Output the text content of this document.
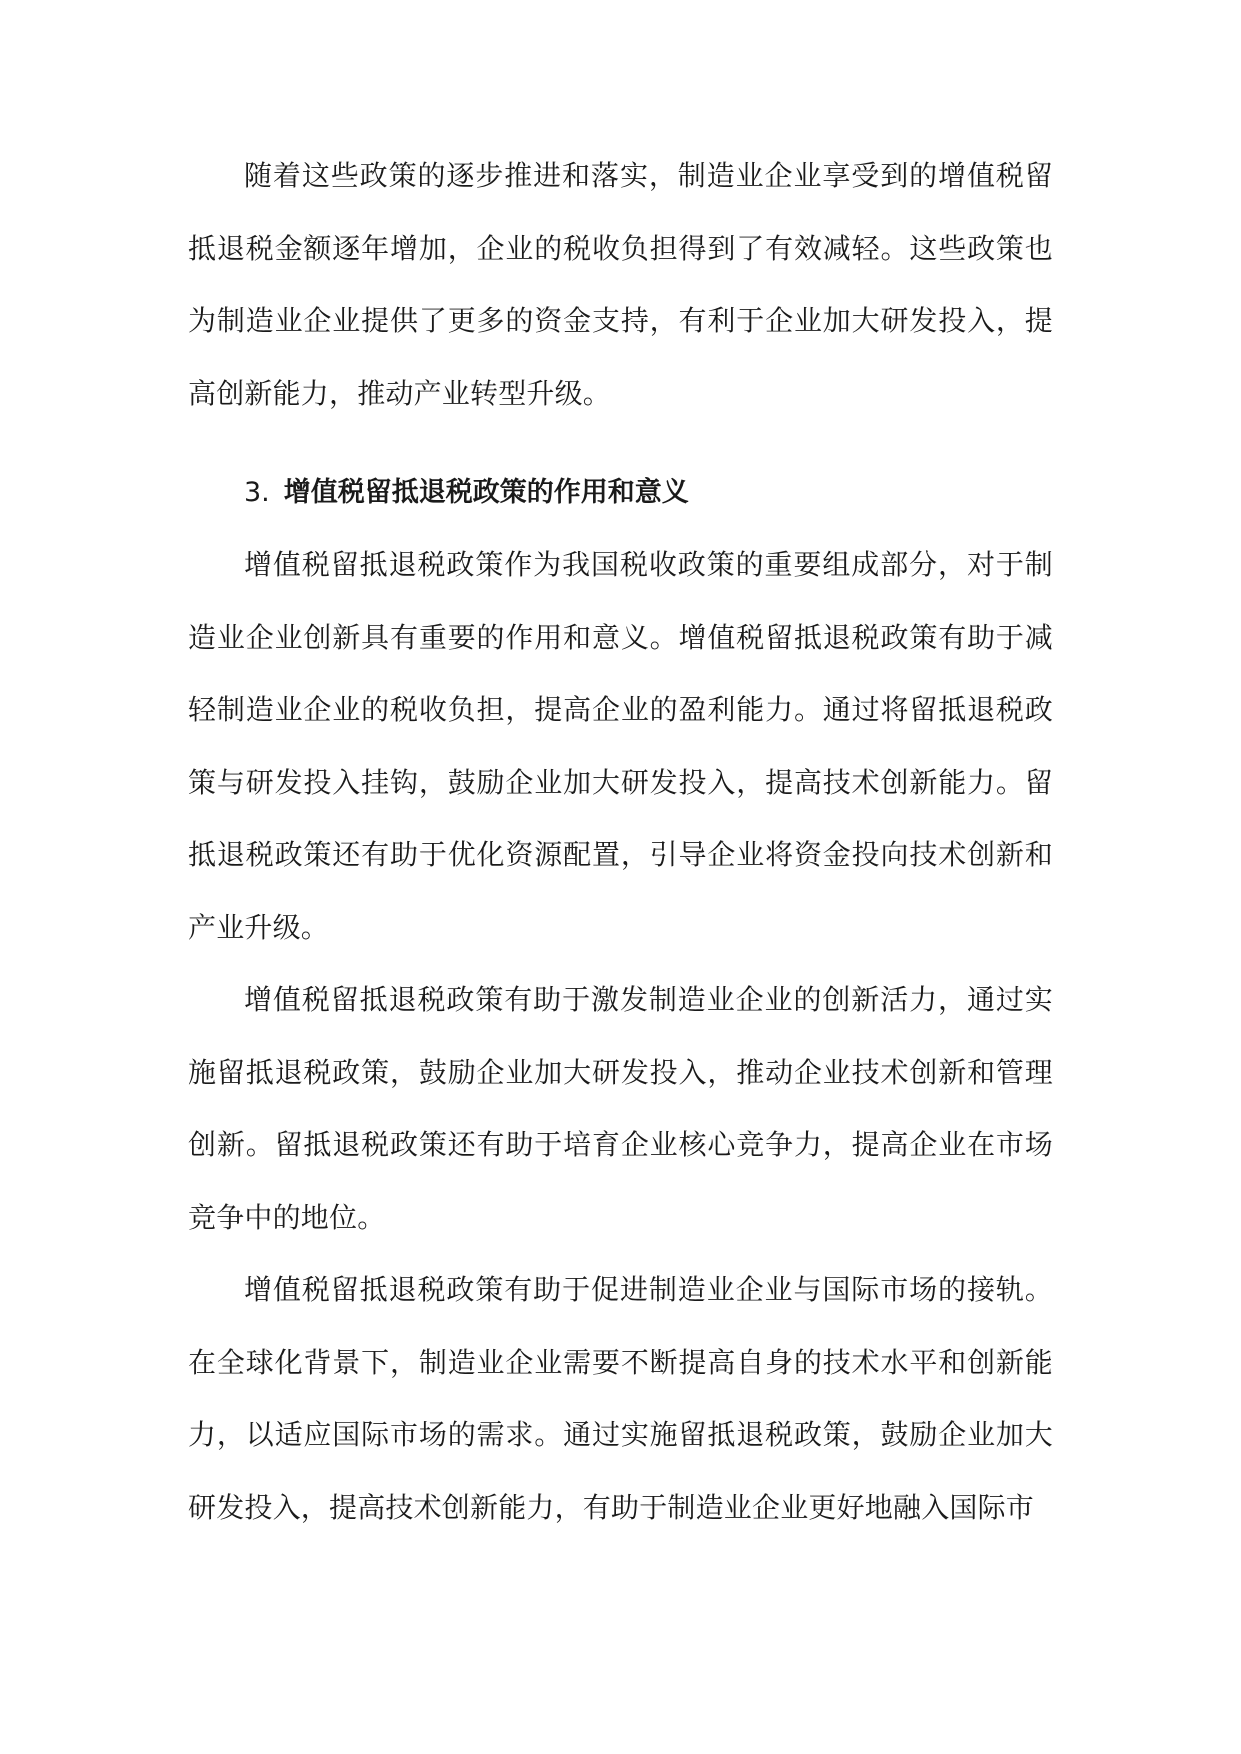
随着这些政策的逐步推进和落实，制造业企业享受到的增值税留抵退税金额逐年增加，企业的税收负担得到了有效减轻。这些政策也为制造业企业提供了更多的资金支持，有利于企业加大研发投入，提高创新能力，推动产业转型升级。

3. 增值税留抵退税政策的作用和意义

增值税留抵退税政策作为我国税收政策的重要组成部分，对于制造业企业创新具有重要的作用和意义。增值税留抵退税政策有助于减轻制造业企业的税收负担，提高企业的盈利能力。通过将留抵退税政策与研发投入挂钩，鼓励企业加大研发投入，提高技术创新能力。留抵退税政策还有助于优化资源配置，引导企业将资金投向技术创新和产业升级。

增值税留抵退税政策有助于激发制造业企业的创新活力，通过实施留抵退税政策，鼓励企业加大研发投入，推动企业技术创新和管理创新。留抵退税政策还有助于培育企业核心竞争力，提高企业在市场竞争中的地位。

增值税留抵退税政策有助于促进制造业企业与国际市场的接轨。在全球化背景下，制造业企业需要不断提高自身的技术水平和创新能力，以适应国际市场的需求。通过实施留抵退税政策，鼓励企业加大研发投入，提高技术创新能力，有助于制造业企业更好地融入国际市
